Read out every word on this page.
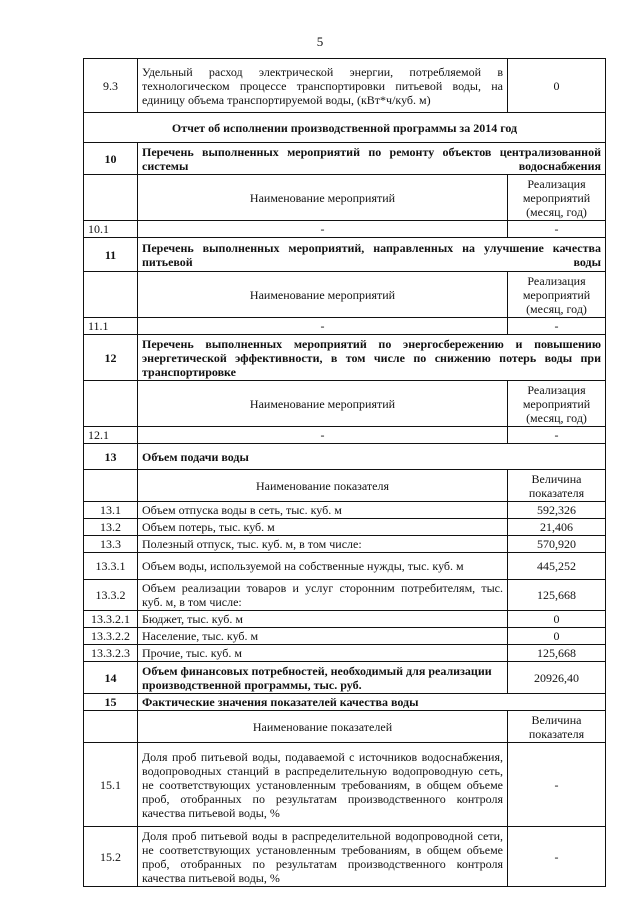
5
9.3	Удельный расход электрической энергии, потребляемой в технологическом процессе транспортировки питьевой воды, на единицу объема транспортируемой воды, (кВт*ч/куб. м)	0
Отчет об исполнении производственной программы за 2014 год		
10	Перечень выполненных мероприятий по ремонту объектов централизованной системы водоснабжения	
	Наименование мероприятий	Реализация мероприятий (месяц, год)
10.1	-	-
11	Перечень выполненных мероприятий, направленных на улучшение качества питьевой воды	
	Наименование мероприятий	Реализация мероприятий (месяц, год)
11.1	-	-
12	Перечень выполненных мероприятий по энергосбережению и повышению энергетической эффективности, в том числе по снижению потерь воды при транспортировке	
	Наименование мероприятий	Реализация мероприятий (месяц, год)
12.1	-	-
13	Объем подачи воды	
	Наименование показателя	Величина показателя
13.1	Объем отпуска воды в сеть, тыс. куб. м	592,326
13.2	Объем потерь, тыс. куб. м	21,406
13.3	Полезный отпуск, тыс. куб. м, в том числе:	570,920
13.3.1	Объем воды, используемой на собственные нужды, тыс. куб. м	445,252
13.3.2	Объем реализации товаров и услуг сторонним потребителям, тыс. куб. м, в том числе:	125,668
13.3.2.1	Бюджет, тыс. куб. м	0
13.3.2.2	Население, тыс. куб. м	0
13.3.2.3	Прочие, тыс. куб. м	125,668
14	Объем финансовых потребностей, необходимый для реализации производственной программы, тыс. руб.	20926,40
15	Фактические значения показателей качества воды	
	Наименование показателей	Величина показателя
15.1	Доля проб питьевой воды, подаваемой с источников водоснабжения, водопроводных станций в распределительную водопроводную сеть, не соответствующих установленным требованиям, в общем объеме проб, отобранных по результатам производственного контроля качества питьевой воды, %	-
15.2	Доля проб питьевой воды в распределительной водопроводной сети, не соответствующих установленным требованиям, в общем объеме проб, отобранных по результатам производственного контроля качества питьевой воды, %	-
